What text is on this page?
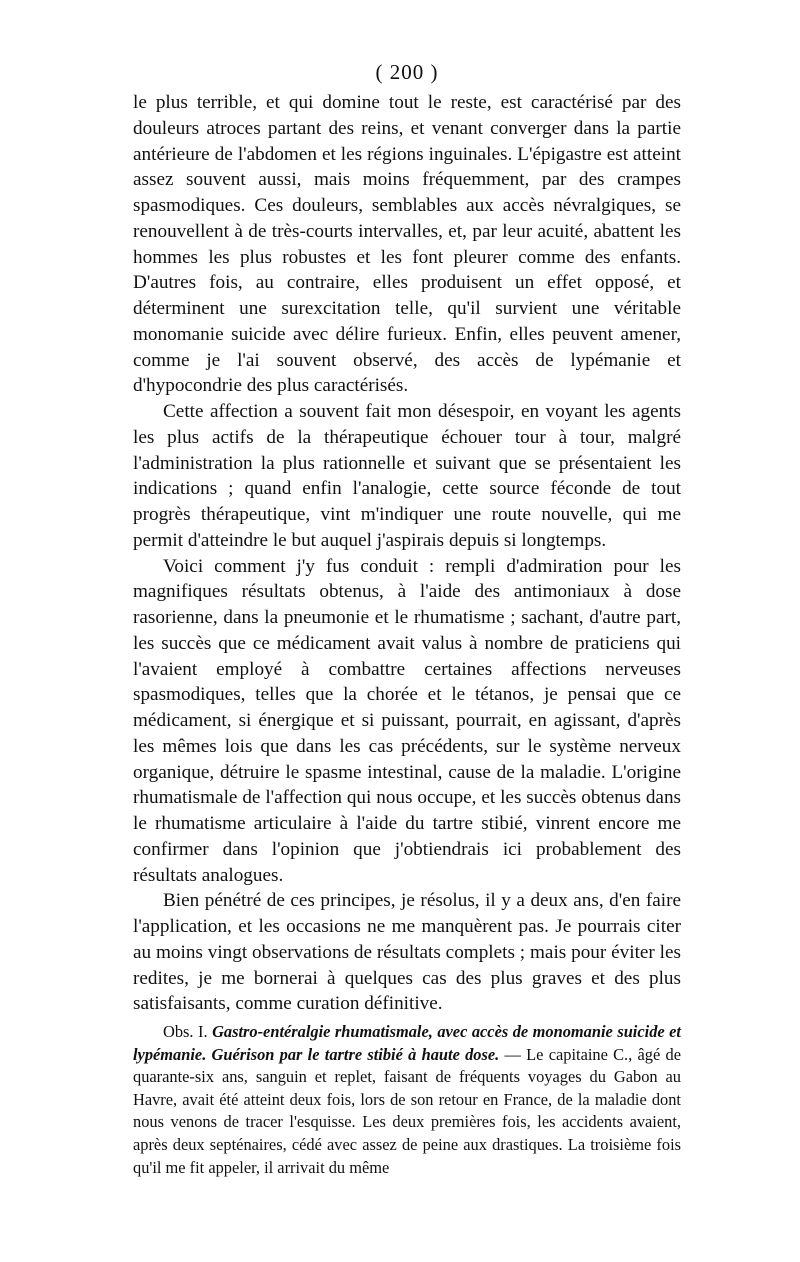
( 200 )

le plus terrible, et qui domine tout le reste, est caractérisé par des douleurs atroces partant des reins, et venant converger dans la partie antérieure de l'abdomen et les régions inguinales. L'épigastre est atteint assez souvent aussi, mais moins fréquemment, par des crampes spasmodiques. Ces douleurs, semblables aux accès névralgiques, se renouvellent à de très-courts intervalles, et, par leur acuité, abattent les hommes les plus robustes et les font pleurer comme des enfants. D'autres fois, au contraire, elles produisent un effet opposé, et déterminent une surexcitation telle, qu'il survient une véritable monomanie suicide avec délire furieux. Enfin, elles peuvent amener, comme je l'ai souvent observé, des accès de lypémanie et d'hypocondrie des plus caractérisés.

Cette affection a souvent fait mon désespoir, en voyant les agents les plus actifs de la thérapeutique échouer tour à tour, malgré l'administration la plus rationnelle et suivant que se présentaient les indications ; quand enfin l'analogie, cette source féconde de tout progrès thérapeutique, vint m'indiquer une route nouvelle, qui me permit d'atteindre le but auquel j'aspirais depuis si longtemps.

Voici comment j'y fus conduit : rempli d'admiration pour les magnifiques résultats obtenus, à l'aide des antimoniaux à dose rasorienne, dans la pneumonie et le rhumatisme ; sachant, d'autre part, les succès que ce médicament avait valus à nombre de praticiens qui l'avaient employé à combattre certaines affections nerveuses spasmodiques, telles que la chorée et le tétanos, je pensai que ce médicament, si énergique et si puissant, pourrait, en agissant, d'après les mêmes lois que dans les cas précédents, sur le système nerveux organique, détruire le spasme intestinal, cause de la maladie. L'origine rhumatismale de l'affection qui nous occupe, et les succès obtenus dans le rhumatisme articulaire à l'aide du tartre stibié, vinrent encore me confirmer dans l'opinion que j'obtiendrais ici probablement des résultats analogues.

Bien pénétré de ces principes, je résolus, il y a deux ans, d'en faire l'application, et les occasions ne me manquèrent pas. Je pourrais citer au moins vingt observations de résultats complets ; mais pour éviter les redites, je me bornerai à quelques cas des plus graves et des plus satisfaisants, comme curation définitive.

Obs. I. Gastro-entéralgie rhumatismale, avec accès de monomanie suicide et lypémanie. Guérison par le tartre stibié à haute dose. — Le capitaine C., âgé de quarante-six ans, sanguin et replet, faisant de fréquents voyages du Gabon au Havre, avait été atteint deux fois, lors de son retour en France, de la maladie dont nous venons de tracer l'esquisse. Les deux premières fois, les accidents avaient, après deux septénaires, cédé avec assez de peine aux drastiques. La troisième fois qu'il me fit appeler, il arrivait du même
